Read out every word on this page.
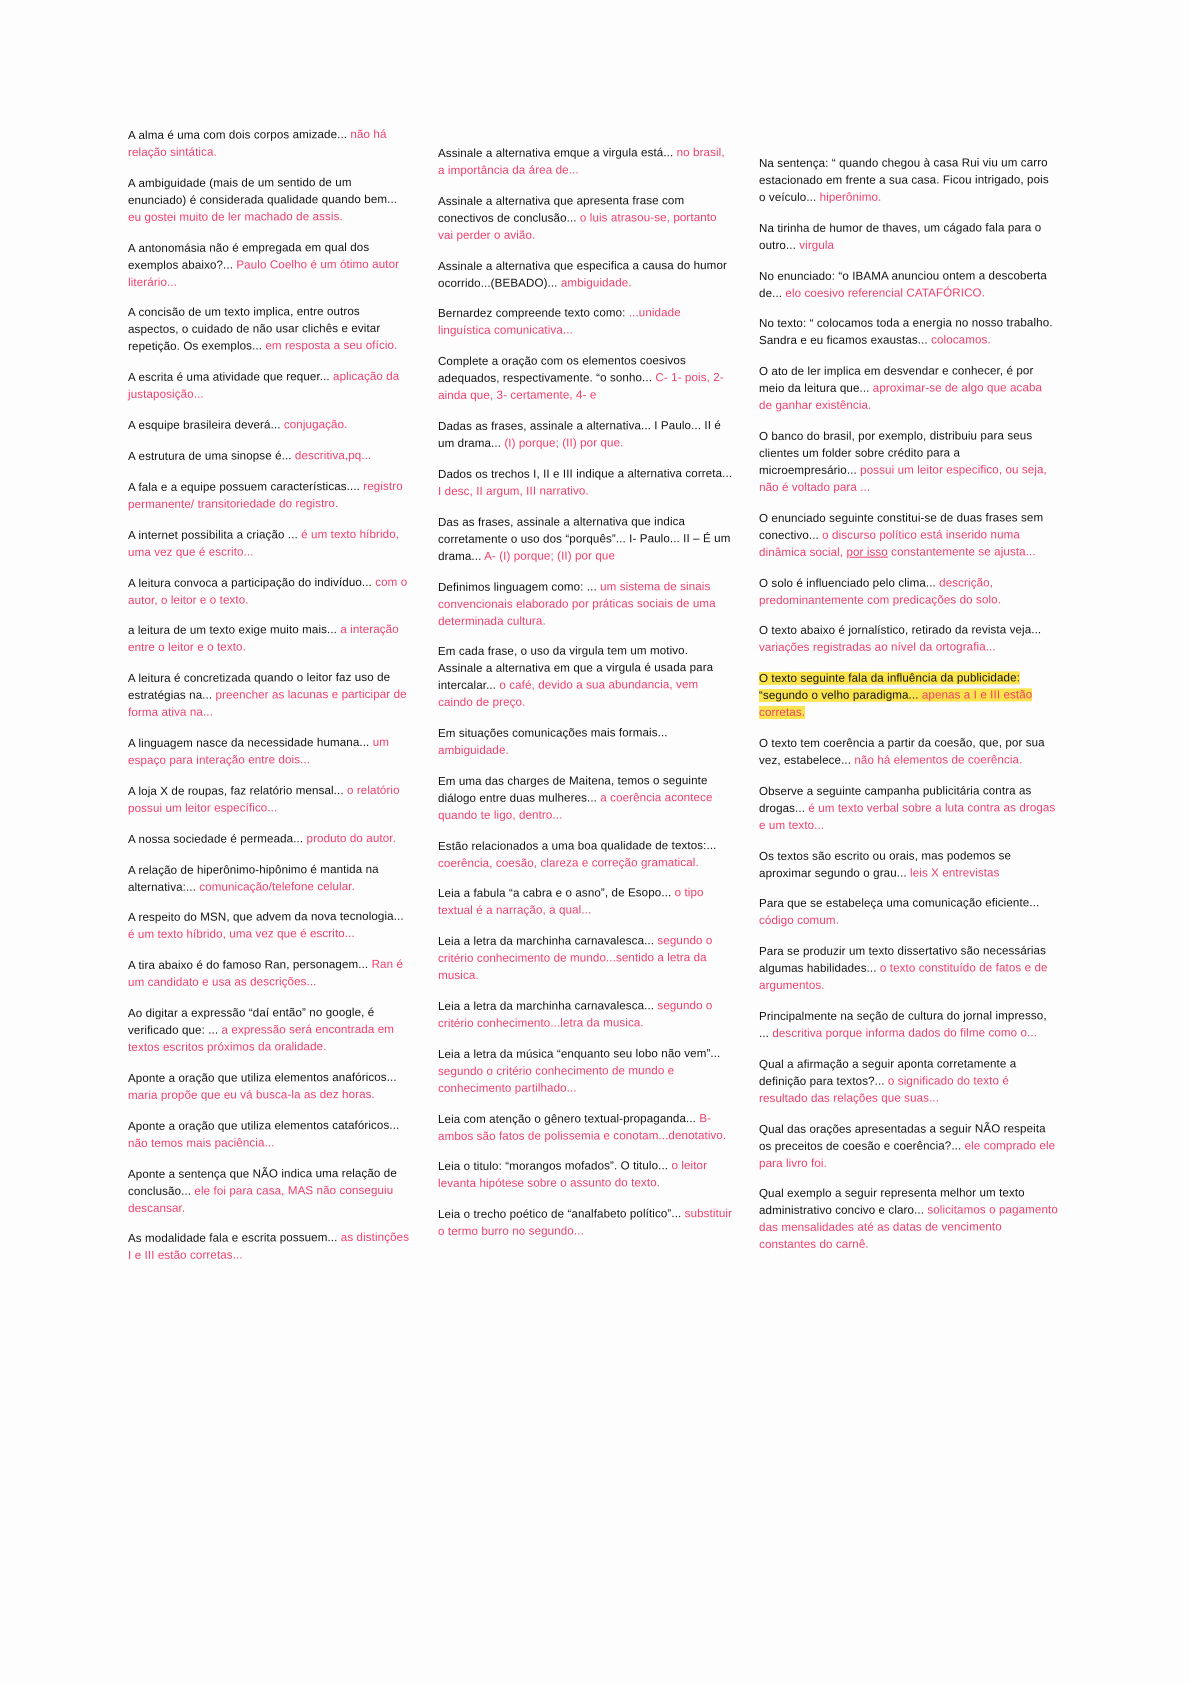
A alma é uma com dois corpos amizade... não há relação sintática.
A ambiguidade (mais de um sentido de um enunciado) é considerada qualidade quando bem... eu gostei muito de ler machado de assis.
A antonomásia não é empregada em qual dos exemplos abaixo?... Paulo Coelho é um ótimo autor literário...
A concisão de um texto implica, entre outros aspectos, o cuidado de não usar clichês e evitar repetição. Os exemplos... em resposta a seu ofício.
A escrita é uma atividade que requer... aplicação da justaposição...
A esquipe brasileira deverá... conjugação.
A estrutura de uma sinopse é... descritiva,pq...
A fala e a equipe possuem características.... registro permanente/ transitoriedade do registro.
A internet possibilita a criação ... é um texto híbrido, uma vez que é escrito...
A leitura convoca a participação do indivíduo... com o autor, o leitor e o texto.
a leitura de um texto exige muito mais... a interação entre o leitor e o texto.
A leitura é concretizada quando o leitor faz uso de estratégias na... preencher as lacunas e participar de forma ativa na...
A linguagem nasce da necessidade humana... um espaço para interação entre dois...
A loja X de roupas, faz relatório mensal... o relatório possui um leitor específico...
A nossa sociedade é permeada... produto do autor.
A relação de hiperônimo-hipônimo é mantida na alternativa:... comunicação/telefone celular.
A respeito do MSN, que advem da nova tecnologia... é um texto híbrido, uma vez que é escrito...
A tira abaixo é do famoso Ran, personagem... Ran é um candidato e usa as descrições...
Ao digitar a expressão “daí então” no google, é verificado que: ... a expressão será encontrada em textos escritos próximos da oralidade.
Aponte a oração que utiliza elementos anafóricos... maria propõe que eu vá busca-la as dez horas.
Aponte a oração que utiliza elementos catafóricos... não temos mais paciência...
Aponte a sentença que NÃO indica uma relação de conclusão... ele foi para casa, MAS não conseguiu descansar.
As modalidade fala e escrita possuem... as distinções I e III estão corretas...
Assinale a alternativa emque a virgula está... no brasil, a importância da área de...
Assinale a alternativa que apresenta frase com conectivos de conclusão... o luis atrasou-se, portanto vai perder o avião.
Assinale a alternativa que especifica a causa do humor ocorrido...(BEBADO)... ambiguidade.
Bernardez compreende texto como: ...unidade linguística comunicativa...
Complete a oração com os elementos coesivos adequados, respectivamente. “o sonho... C- 1- pois, 2- ainda que, 3- certamente, 4- e
Dadas as frases, assinale a alternativa... I Paulo... II é um drama... (I) porque; (II) por que.
Dados os trechos I, II e III indique a alternativa correta... I desc, II argum, III narrativo.
Das as frases, assinale a alternativa que indica corretamente o uso dos “porquês”... I- Paulo... II – É um drama... A- (I) porque; (II) por que
Definimos linguagem como: ... um sistema de sinais convencionais elaborado por práticas sociais de uma determinada cultura.
Em cada frase, o uso da virgula tem um motivo. Assinale a alternativa em que a virgula é usada para intercalar... o café, devido a sua abundancia, vem caindo de preço.
Em situações comunicações mais formais... ambiguidade.
Em uma das charges de Maitena, temos o seguinte diálogo entre duas mulheres... a coerência acontece quando te ligo, dentro...
Estão relacionados a uma boa qualidade de textos:... coerência, coesão, clareza e correção gramatical.
Leia a fabula “a cabra e o asno”, de Esopo... o tipo textual é a narração, a qual...
Leia a letra da marchinha carnavalesca... segundo o critério conhecimento de mundo...sentido a letra da musica.
Leia a letra da marchinha carnavalesca... segundo o critério conhecimento...letra da musica.
Leia a letra da música “enquanto seu lobo não vem”... segundo o critério conhecimento de mundo e conhecimento partilhado...
Leia com atenção o gênero textual-propaganda... B-ambos são fatos de polissemia e conotam...denotativo.
Leia o titulo: “morangos mofados”. O titulo... o leitor levanta hipótese sobre o assunto do texto.
Leia o trecho poético de “analfabeto político”... substituir o termo burro no segundo...
Na sentença: “ quando chegou à casa Rui viu um carro estacionado em frente a sua casa. Ficou intrigado, pois o veículo... hiperônimo.
Na tirinha de humor de thaves, um cágado fala para o outro... virgula
No enunciado: “o IBAMA anunciou ontem a descoberta de... elo coesivo referencial CATAFÓRICO.
No texto: “ colocamos toda a energia no nosso trabalho. Sandra e eu ficamos exaustas... colocamos.
O ato de ler implica em desvendar e conhecer, é por meio da leitura que... aproximar-se de algo que acaba de ganhar existência.
O banco do brasil, por exemplo, distribuiu para seus clientes um folder sobre crédito para a microempresário... possui um leitor especifico, ou seja, não é voltado para ...
O enunciado seguinte constitui-se de duas frases sem conectivo... o discurso político está inserido numa dinâmica social, por isso constantemente se ajusta...
O solo é influenciado pelo clima... descrição, predominantemente com predicações do solo.
O texto abaixo é jornalístico, retirado da revista veja... variações registradas ao nível da ortografia...
O texto seguinte fala da influência da publicidade: “segundo o velho paradigma... apenas a I e III estão corretas.
O texto tem coerência a partir da coesão, que, por sua vez, estabelece... não há elementos de coerência.
Observe a seguinte campanha publicitária contra as drogas... é um texto verbal sobre a luta contra as drogas e um texto...
Os textos são escrito ou orais, mas podemos se aproximar segundo o grau... leis X entrevistas
Para que se estabeleça uma comunicação eficiente... código comum.
Para se produzir um texto dissertativo são necessárias algumas habilidades... o texto constituído de fatos e de argumentos.
Principalmente na seção de cultura do jornal impresso, ... descritiva porque informa dados do filme como o...
Qual a afirmação a seguir aponta corretamente a definição para textos?... o significado do texto é resultado das relações que suas...
Qual das orações apresentadas a seguir NÃO respeita os preceitos de coesão e coerência?... ele comprado ele para livro foi.
Qual exemplo a seguir representa melhor um texto administrativo concivo e claro... solicitamos o pagamento das mensalidades até as datas de vencimento constantes do carnê.
